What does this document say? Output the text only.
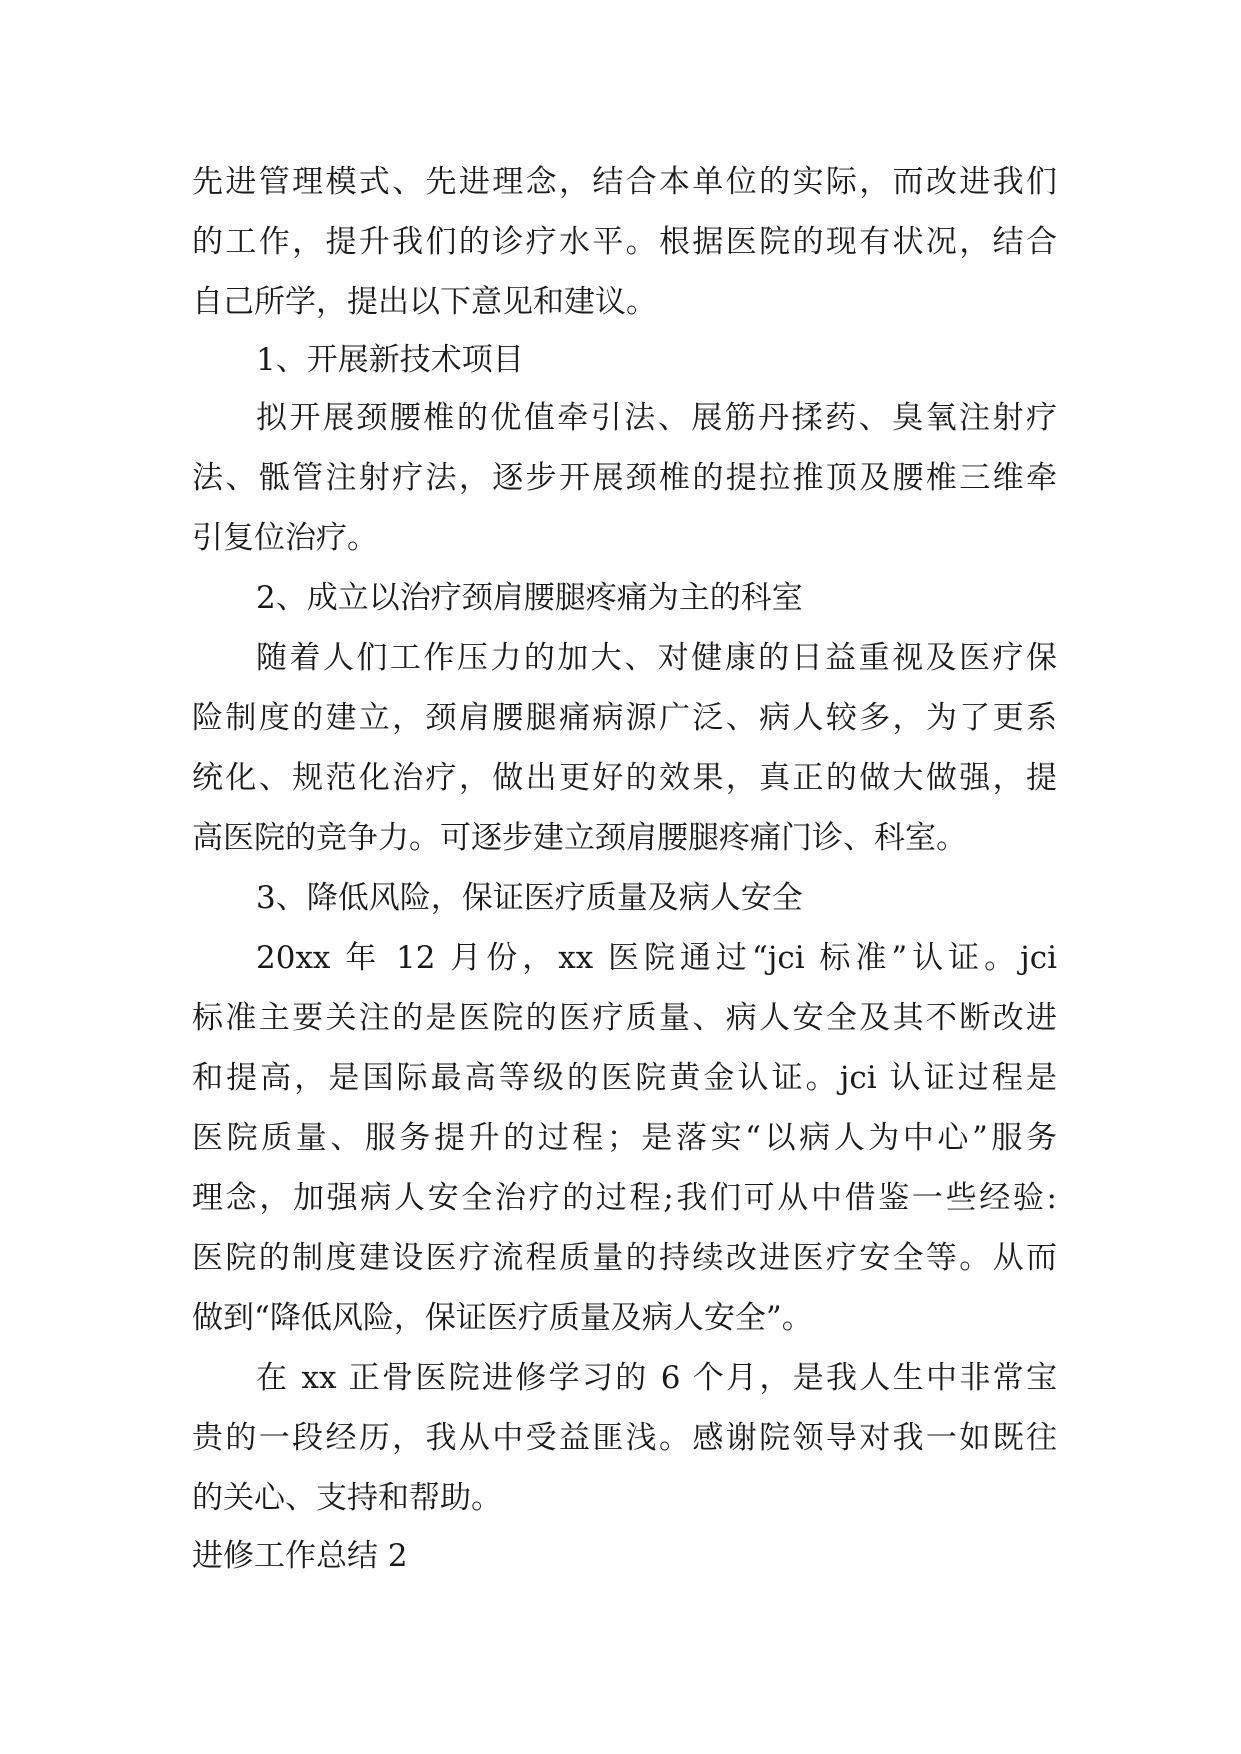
先进管理模式、先进理念，结合本单位的实际，而改进我们
的工作，提升我们的诊疗水平。根据医院的现有状况，结合
自己所学，提出以下意见和建议。
1、开展新技术项目
拟开展颈腰椎的优值牵引法、展筋丹揉药、臭氧注射疗
法、骶管注射疗法，逐步开展颈椎的提拉推顶及腰椎三维牵
引复位治疗。
2、成立以治疗颈肩腰腿疼痛为主的科室
随着人们工作压力的加大、对健康的日益重视及医疗保
险制度的建立，颈肩腰腿痛病源广泛、病人较多，为了更系
统化、规范化治疗，做出更好的效果，真正的做大做强，提
高医院的竞争力。可逐步建立颈肩腰腿疼痛门诊、科室。
3、降低风险，保证医疗质量及病人安全
20xx 年 12 月份，xx 医院通过“jci 标准”认证。jci
标准主要关注的是医院的医疗质量、病人安全及其不断改进
和提高，是国际最高等级的医院黄金认证。jci 认证过程是
医院质量、服务提升的过程；是落实“以病人为中心”服务
理念，加强病人安全治疗的过程;我们可从中借鉴一些经验:
医院的制度建设医疗流程质量的持续改进医疗安全等。从而
做到“降低风险，保证医疗质量及病人安全”。
在 xx 正骨医院进修学习的 6 个月，是我人生中非常宝
贵的一段经历，我从中受益匪浅。感谢院领导对我一如既往
的关心、支持和帮助。
进修工作总结 2
